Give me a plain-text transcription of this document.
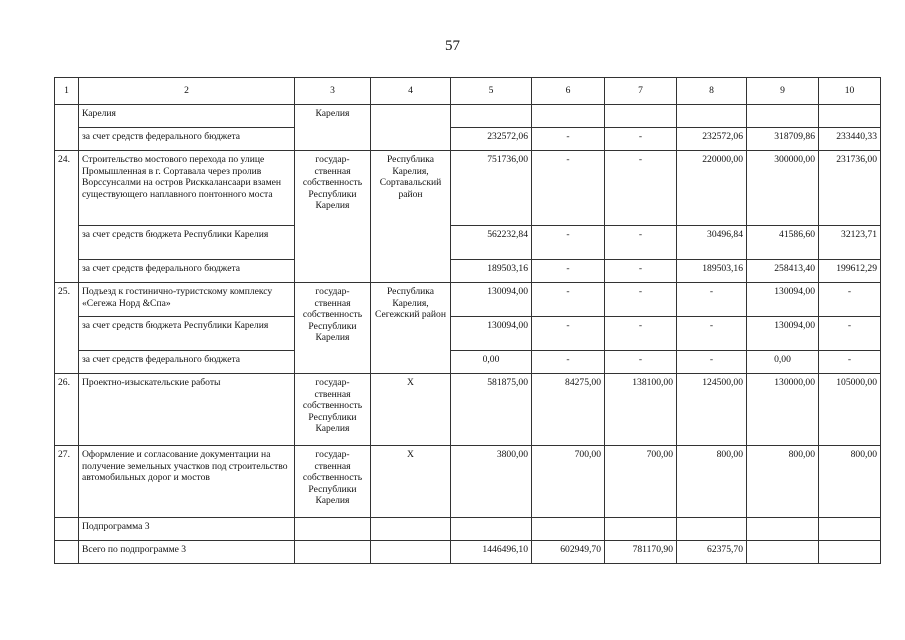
57
1	2	3	4	5	6	7	8	9	10
	Карелия	Карелия							
	за счет средств федерального бюджета			232572,06	-	-	232572,06	318709,86	233440,33
24.	Строительство мостового перехода по улице Промышленная в г. Сортавала через пролив Ворссунсалми на остров Рисккалансаари взамен существующего наплавного понтонного моста	государ-ственная собственность Республики Карелия	Республика Карелия, Сортавальский район	751736,00	-	-	220000,00	300000,00	231736,00
	за счет средств бюджета Республики Карелия			562232,84	-	-	30496,84	41586,60	32123,71
	за счет средств федерального бюджета			189503,16	-	-	189503,16	258413,40	199612,29
25.	Подъезд к гостинично-туристскому комплексу «Сегежа Норд &Спа»	государ-ственная собственность Республики Карелия	Республика Карелия, Сегежский район	130094,00	-	-	-	130094,00	-
	за счет средств бюджета Республики Карелия			130094,00	-	-	-	130094,00	-
	за счет средств федерального бюджета			0,00	-	-	-	0,00	-
26.	Проектно-изыскательские работы	государ-ственная собственность Республики Карелия	X	581875,00	84275,00	138100,00	124500,00	130000,00	105000,00
27.	Оформление и согласование документации на получение земельных участков под строительство автомобильных дорог и мостов	государ-ственная собственность Республики Карелия	X	3800,00	700,00	700,00	800,00	800,00	800,00
	Подпрограмма 3								
	Всего по подпрограмме 3			1446496,10	602949,70	781170,90	62375,70		
